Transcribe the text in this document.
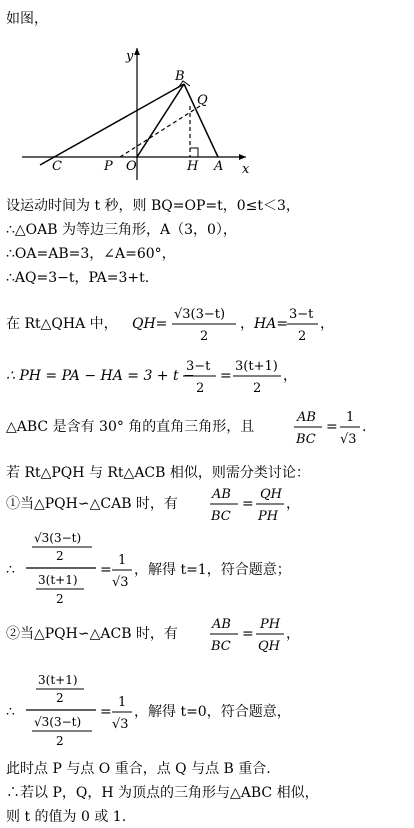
如图，
x
y
B
Q
C	P O	H A
设运动时间为 t 秒，则 BQ=OP=t，0≤t＜3，
∴△OAB 为等边三角形，A（3，0），
∴OA=AB=3，∠A=60°，
∴AQ=3−t，PA=3+t.
在 Rt△QHA 中， QH=
√3(3−t)
2
， HA=
3−t
2
，
∴ PH = PA − HA = 3 + t −
3−t
2
=
3(t+1)
2
，
△ABC 是含有 30° 角的直角三角形，且
AB
BC
=
1
√3
.
若 Rt△PQH 与 Rt△ACB 相似，则需分类讨论：
①当△PQH∽△CAB 时，有
AB
BC
=
QH
PH
，
∴
√3(3−t)
2
3(t+1)
2
=
1
√3
，解得 t=1，符合题意；
②当△PQH∽△ACB 时，有
AB
BC
=
PH
QH
，
∴
3(t+1)
2
√3(3−t)
2
=
1
√3
，解得 t=0，符合题意，
此时点 P 与点 O 重合，点 Q 与点 B 重合.
∴若以 P，Q，H 为顶点的三角形与△ABC 相似，
则 t 的值为 0 或 1.
